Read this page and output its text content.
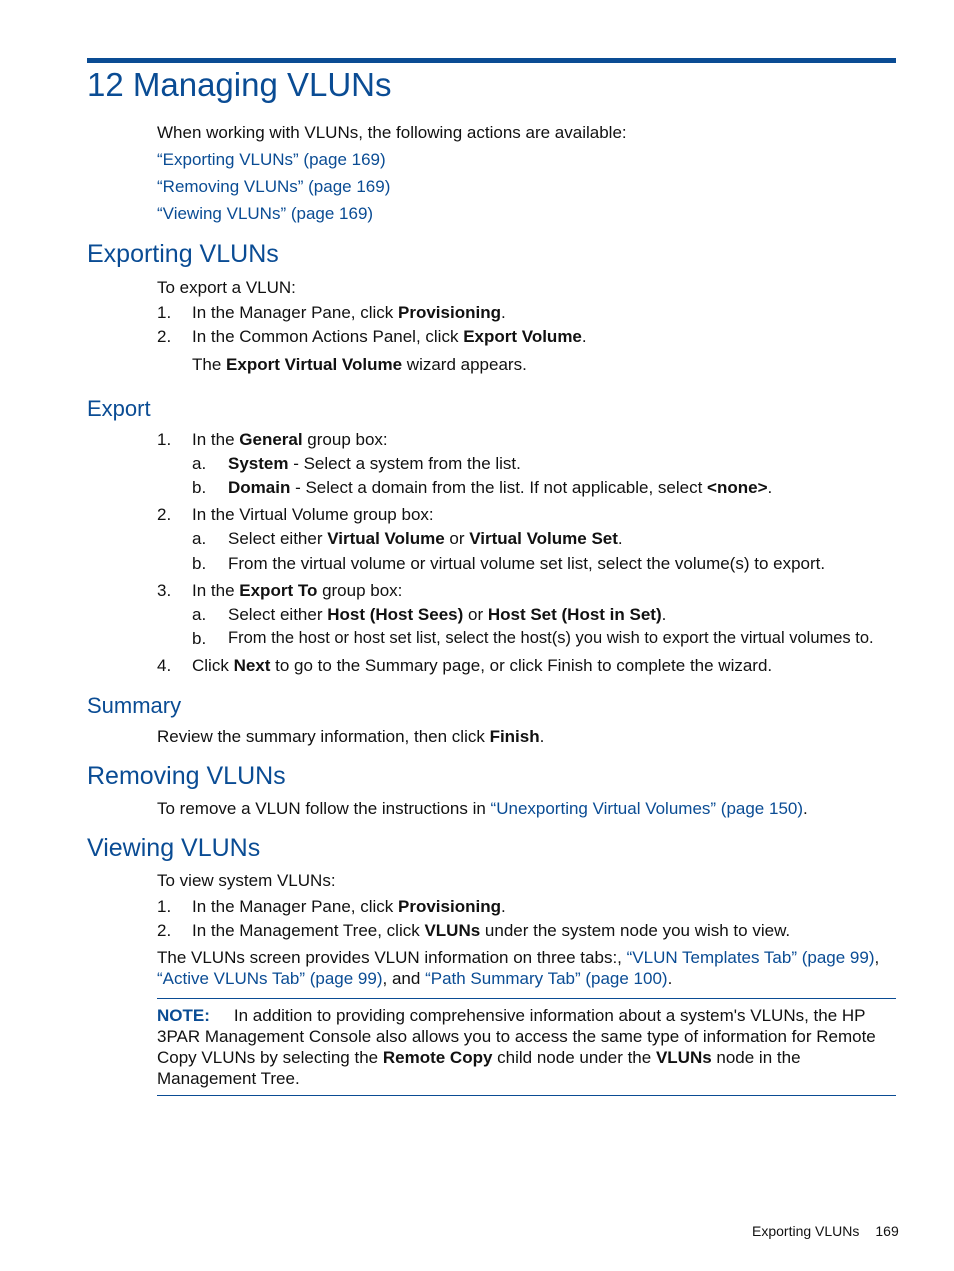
12 Managing VLUNs
When working with VLUNs, the following actions are available:
“Exporting VLUNs” (page 169)
“Removing VLUNs” (page 169)
“Viewing VLUNs” (page 169)
Exporting VLUNs
To export a VLUN:
1. In the Manager Pane, click Provisioning.
2. In the Common Actions Panel, click Export Volume.
The Export Virtual Volume wizard appears.
Export
1. In the General group box:
a. System - Select a system from the list.
b. Domain - Select a domain from the list. If not applicable, select <none>.
2. In the Virtual Volume group box:
a. Select either Virtual Volume or Virtual Volume Set.
b. From the virtual volume or virtual volume set list, select the volume(s) to export.
3. In the Export To group box:
a. Select either Host (Host Sees) or Host Set (Host in Set).
b. From the host or host set list, select the host(s) you wish to export the virtual volumes to.
4. Click Next to go to the Summary page, or click Finish to complete the wizard.
Summary
Review the summary information, then click Finish.
Removing VLUNs
To remove a VLUN follow the instructions in “Unexporting Virtual Volumes” (page 150).
Viewing VLUNs
To view system VLUNs:
1. In the Manager Pane, click Provisioning.
2. In the Management Tree, click VLUNs under the system node you wish to view.
The VLUNs screen provides VLUN information on three tabs:, “VLUN Templates Tab” (page 99),
“Active VLUNs Tab” (page 99), and “Path Summary Tab” (page 100).
NOTE: In addition to providing comprehensive information about a system's VLUNs, the HP 3PAR Management Console also allows you to access the same type of information for Remote Copy VLUNs by selecting the Remote Copy child node under the VLUNs node in the Management Tree.
Exporting VLUNs 169
